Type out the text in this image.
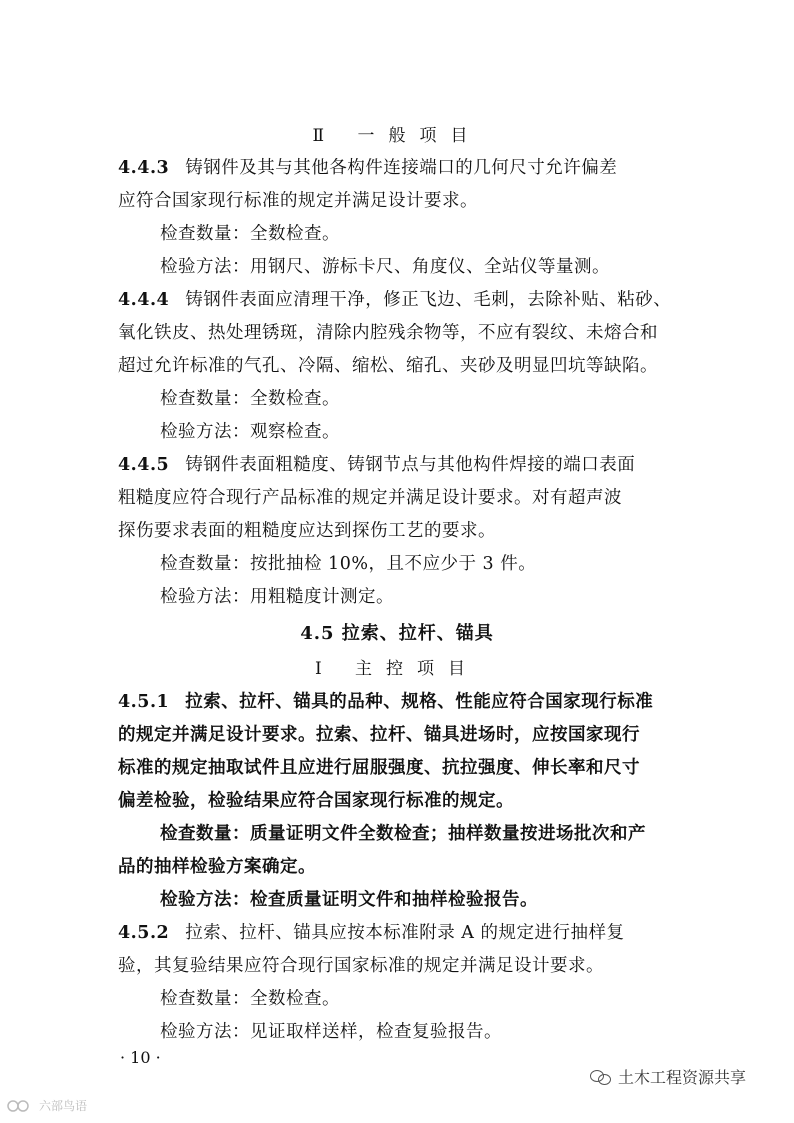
Ⅱ 一般项目
4.4.3 铸钢件及其与其他各构件连接端口的几何尺寸允许偏差
应符合国家现行标准的规定并满足设计要求。
检查数量：全数检查。
检验方法：用钢尺、游标卡尺、角度仪、全站仪等量测。
4.4.4 铸钢件表面应清理干净，修正飞边、毛刺，去除补贴、粘砂、
氧化铁皮、热处理锈斑，清除内腔残余物等，不应有裂纹、未熔合和
超过允许标准的气孔、冷隔、缩松、缩孔、夹砂及明显凹坑等缺陷。
检查数量：全数检查。
检验方法：观察检查。
4.4.5 铸钢件表面粗糙度、铸钢节点与其他构件焊接的端口表面
粗糙度应符合现行产品标准的规定并满足设计要求。对有超声波
探伤要求表面的粗糙度应达到探伤工艺的要求。
检查数量：按批抽检 10%，且不应少于 3 件。
检验方法：用粗糙度计测定。
4.5 拉索、拉杆、锚具
Ⅰ 主控项目
4.5.1 拉索、拉杆、锚具的品种、规格、性能应符合国家现行标准
的规定并满足设计要求。拉索、拉杆、锚具进场时，应按国家现行
标准的规定抽取试件且应进行屈服强度、抗拉强度、伸长率和尺寸
偏差检验，检验结果应符合国家现行标准的规定。
检查数量：质量证明文件全数检查；抽样数量按进场批次和产
品的抽样检验方案确定。
检验方法：检查质量证明文件和抽样检验报告。
4.5.2 拉索、拉杆、锚具应按本标准附录 A 的规定进行抽样复
验，其复验结果应符合现行国家标准的规定并满足设计要求。
检查数量：全数检查。
检验方法：见证取样送样，检查复验报告。
· 10 ·
土木工程资源共享
六部鸟语
